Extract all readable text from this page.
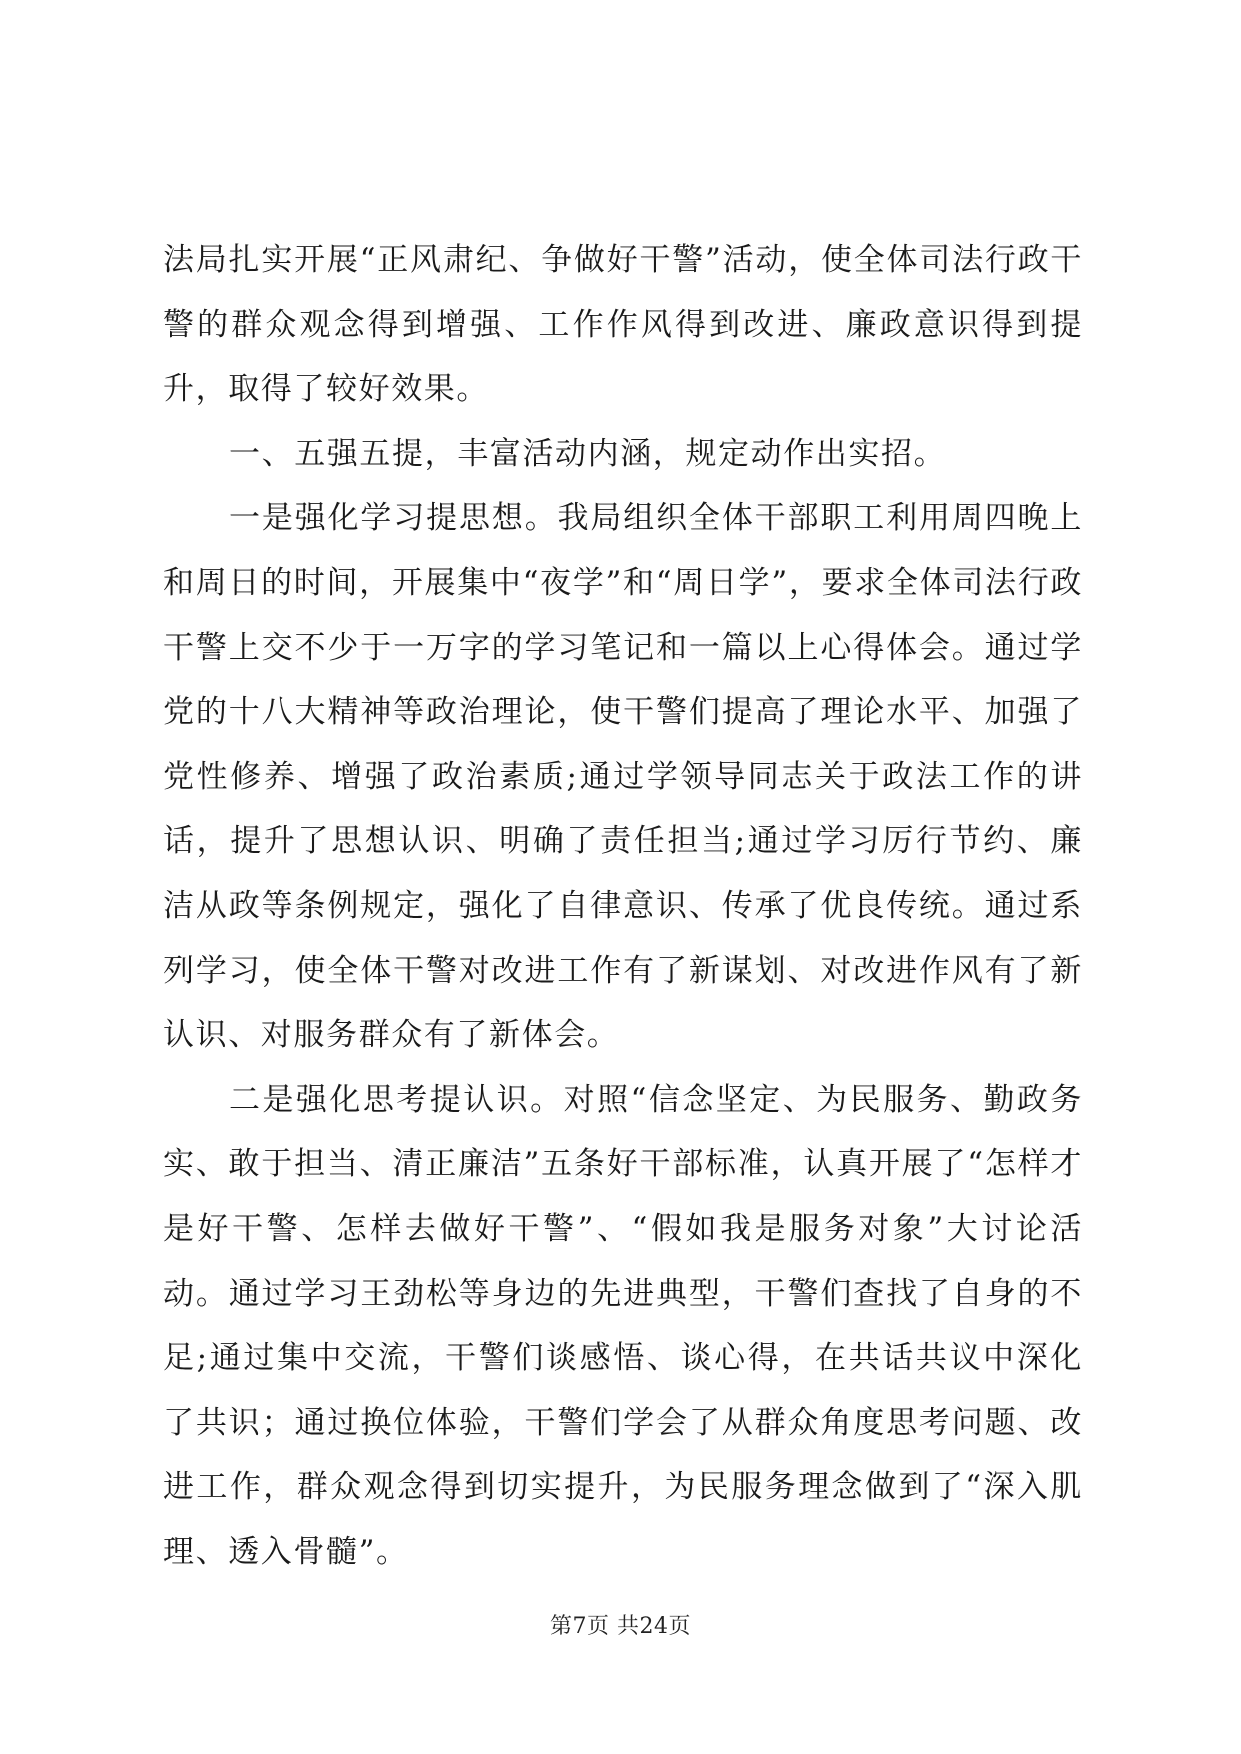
法局扎实开展“正风肃纪、争做好干警”活动，使全体司法行政干警的群众观念得到增强、工作作风得到改进、廉政意识得到提升，取得了较好效果。

一、五强五提，丰富活动内涵，规定动作出实招。

一是强化学习提思想。我局组织全体干部职工利用周四晚上和周日的时间，开展集中“夜学”和“周日学”，要求全体司法行政干警上交不少于一万字的学习笔记和一篇以上心得体会。通过学党的十八大精神等政治理论，使干警们提高了理论水平、加强了党性修养、增强了政治素质;通过学领导同志关于政法工作的讲话，提升了思想认识、明确了责任担当;通过学习厉行节约、廉洁从政等条例规定，强化了自律意识、传承了优良传统。通过系列学习，使全体干警对改进工作有了新谋划、对改进作风有了新认识、对服务群众有了新体会。

二是强化思考提认识。对照“信念坚定、为民服务、勤政务实、敢于担当、清正廉洁”五条好干部标准，认真开展了“怎样才是好干警、怎样去做好干警”、“假如我是服务对象”大讨论活动。通过学习王劲松等身边的先进典型，干警们查找了自身的不足;通过集中交流，干警们谈感悟、谈心得，在共话共议中深化了共识；通过换位体验，干警们学会了从群众角度思考问题、改进工作，群众观念得到切实提升，为民服务理念做到了“深入肌理、透入骨髓”。

第7页 共24页
